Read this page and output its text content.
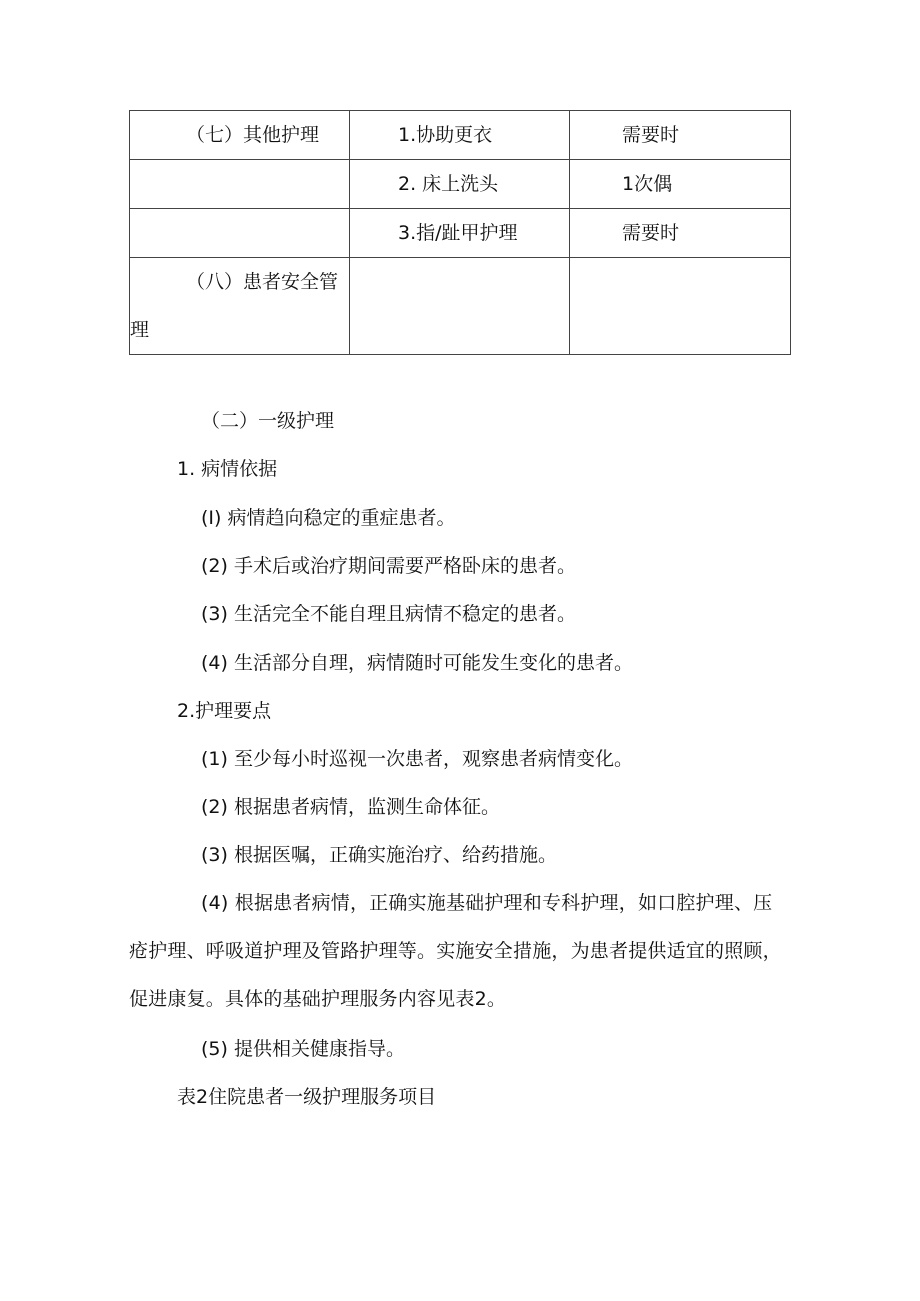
（七）其他护理	1.协助更衣	需要时

	2. 床上洗头	1次偶

	3.指/趾甲护理	需要时

（八）患者安全管理		

（二）一级护理
1. 病情依据
(I) 病情趋向稳定的重症患者。
(2) 手术后或治疗期间需要严格卧床的患者。
(3) 生活完全不能自理且病情不稳定的患者。
(4) 生活部分自理，病情随时可能发生变化的患者。
2.护理要点
(1) 至少每小时巡视一次患者，观察患者病情变化。
(2) 根据患者病情，监测生命体征。
(3) 根据医嘱，正确实施治疗、给药措施。
(4) 根据患者病情，正确实施基础护理和专科护理，如口腔护理、压疮护理、呼吸道护理及管路护理等。实施安全措施，为患者提供适宜的照顾，促进康复。具体的基础护理服务内容见表2。
(5) 提供相关健康指导。
表2住院患者一级护理服务项目
